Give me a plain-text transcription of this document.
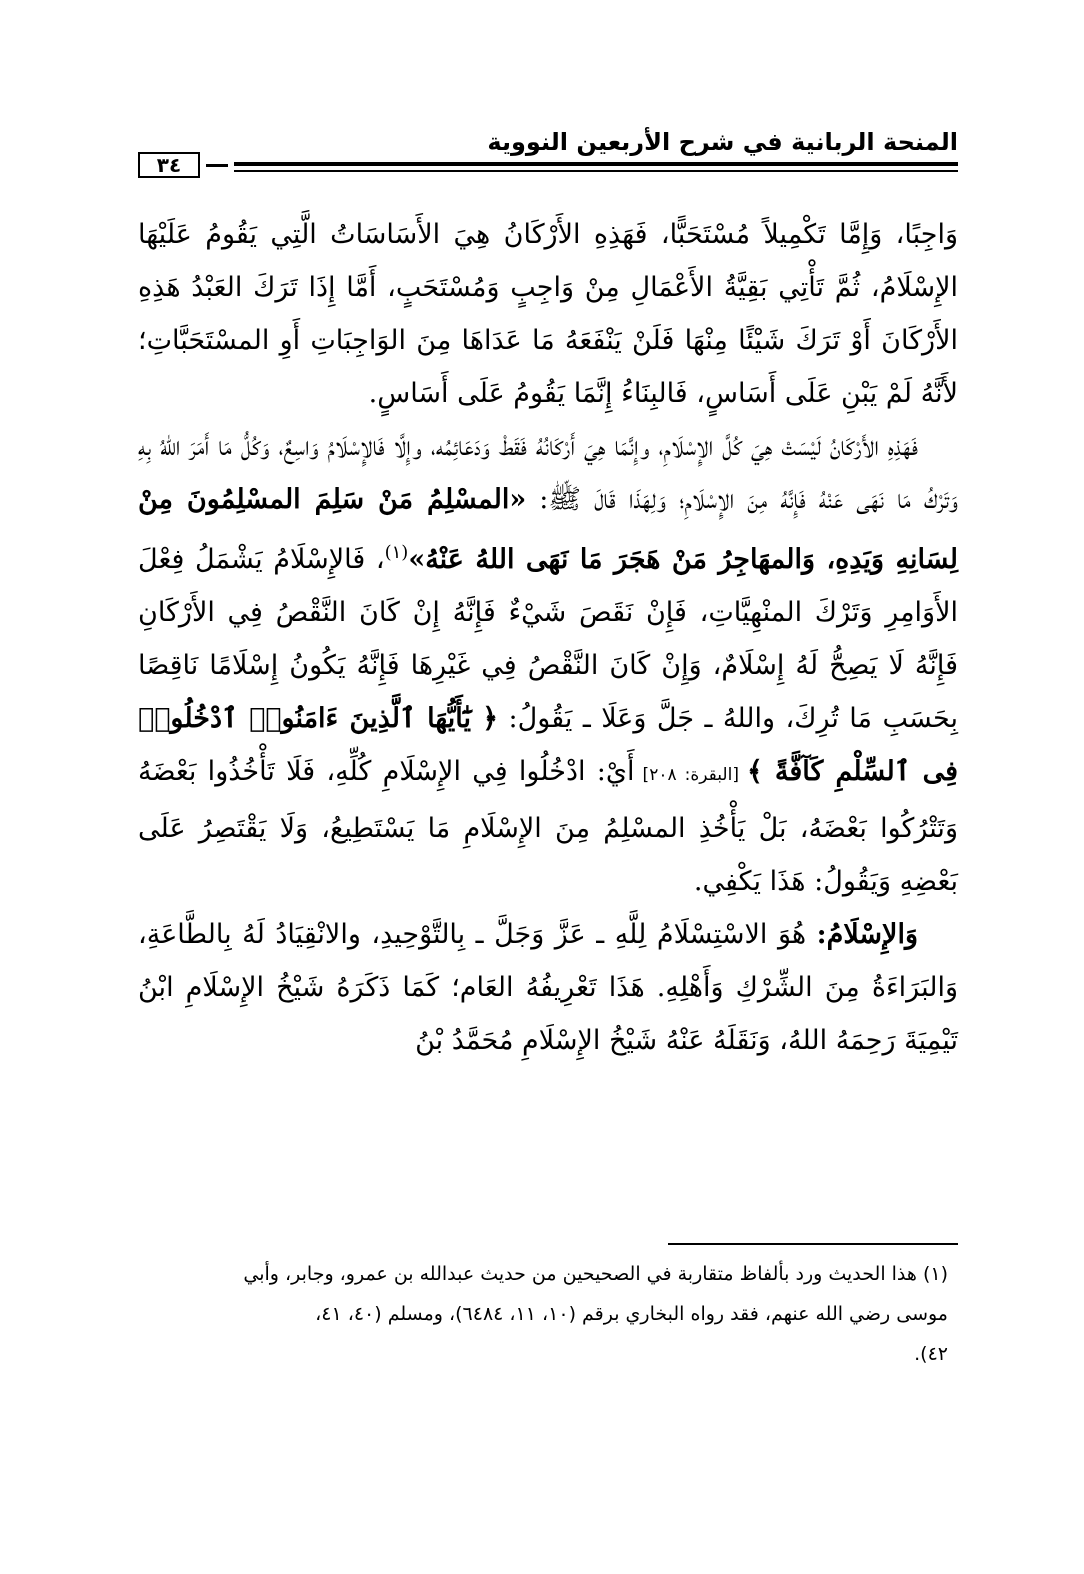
المنحة الربانية في شرح الأربعين النووية
٣٤

وَاجِبًا، وَإِمَّا تَكْمِيلاً مُسْتَحَبًّا، فَهَذِهِ الأَرْكَانُ هِيَ الأَسَاسَاتُ الَّتِي يَقُومُ عَلَيْهَا الإِسْلَامُ، ثُمَّ تَأْتِي بَقِيَّةُ الأَعْمَالِ مِنْ وَاجِبٍ وَمُسْتَحَبٍ، أَمَّا إِذَا تَرَكَ العَبْدُ هَذِهِ الأَرْكَانَ أَوْ تَرَكَ شَيْئًا مِنْهَا فَلَنْ يَنْفَعَهُ مَا عَدَاهَا مِنَ الوَاجِبَاتِ أَوِ المسْتَحَبَّاتِ؛ لأَنَّهُ لَمْ يَبْنِ عَلَى أَسَاسٍ، فَالبِنَاءُ إِنَّمَا يَقُومُ عَلَى أَسَاسٍ.

فَهَذِهِ الأَرْكَانُ لَيْسَتْ هِيَ كُلَّ الإِسْلَامِ، وإِنَّمَا هِيَ أَرْكَانُهُ فَقَطْ وَدَعَائِمُه، وإِلَّا فَالإِسْلَامُ وَاسِعٌ، وَكُلُّ مَا أَمَرَ اللهُ بِهِ وَتَرْكُ مَا نَهَى عَنْهُ فَإِنَّهُ مِنَ الإِسْلَامِ؛ وَلِهَذَا قَالَ ﷺ: «المسْلِمُ مَنْ سَلِمَ المسْلِمُونَ مِنْ لِسَانِهِ وَيَدِهِ، وَالمهَاجِرُ مَنْ هَجَرَ مَا نَهَى اللهُ عَنْهُ»$^{(١)}$، فَالإِسْلَامُ يَشْمَلُ فِعْلَ الأَوَامِرِ وَتَرْكَ المنْهِيَّاتِ، فَإِنْ نَقَصَ شَيْءٌ فَإِنَّهُ إِنْ كَانَ النَّقْصُ فِي الأَرْكَانِ فَإِنَّهُ لَا يَصِحُّ لَهُ إِسْلَامٌ، وَإِنْ كَانَ النَّقْصُ فِي غَيْرِهَا فَإِنَّهُ يَكُونُ إِسْلَامًا نَاقِصًا بِحَسَبِ مَا تُرِكَ، واللهُ ـ جَلَّ وَعَلَا ـ يَقُولُ: ﴿ يَٰٓأَيُّهَا ٱلَّذِينَ ءَامَنُوا۟ ٱدْخُلُوا۟ فِى ٱلسِّلْمِ كَآفَّةً ﴾ [البقرة: ٢٠٨] أَيْ: ادْخُلُوا فِي الإِسْلَامِ كُلِّهِ، فَلَا تَأْخُذُوا بَعْضَهُ وَتَتْرُكُوا بَعْضَهُ، بَلْ يَأْخُذِ المسْلِمُ مِنَ الإِسْلَامِ مَا يَسْتَطِيعُ، وَلَا يَقْتَصِرُ عَلَى بَعْضِهِ وَيَقُولُ: هَذَا يَكْفِي.

وَالإِسْلَامُ: هُوَ الاسْتِسْلَامُ لِلَّهِ ـ عَزَّ وَجَلَّ ـ بِالتَّوْحِيدِ، والانْقِيَادُ لَهُ بِالطَّاعَةِ، وَالبَرَاءَةُ مِنَ الشِّرْكِ وَأَهْلِهِ. هَذَا تَعْرِيفُهُ العَام؛ كَمَا ذَكَرَهُ شَيْخُ الإِسْلَامِ ابْنُ تَيْمِيَةَ رَحِمَهُ اللهُ، وَنَقَلَهُ عَنْهُ شَيْخُ الإِسْلَامِ مُحَمَّدُ بْنُ

(١) هذا الحديث ورد بألفاظ متقاربة في الصحيحين من حديث عبدالله بن عمرو، وجابر، وأبي

موسى رضي الله عنهم، فقد رواه البخاري برقم (١٠، ١١، ٦٤٨٤)، ومسلم (٤٠، ٤١،

٤٢).
